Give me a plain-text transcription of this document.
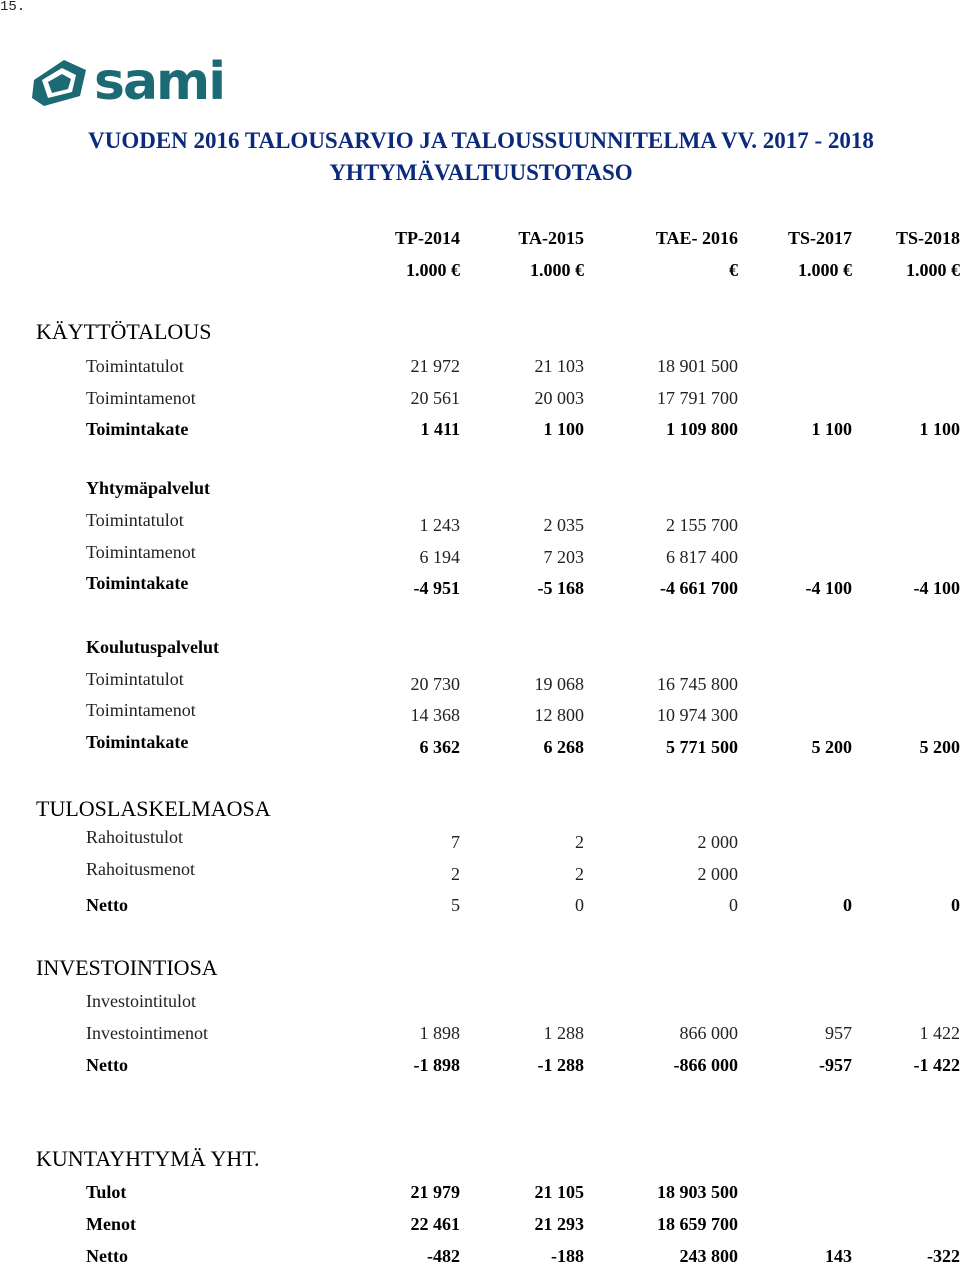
15.
sami
VUODEN 2016 TALOUSARVIO JA TALOUSSUUNNITELMA VV. 2017 - 2018
YHTYMÄVALTUUSTOTASO
TP-2014	TA-2015	TAE- 2016	TS-2017 TS-2018
1.000 €	1.000 €	€	1.000 €	1.000 €
KÄYTTÖTALOUS
Toimintatulot	21 972	21 103	18 901 500
Toimintamenot	20 561	20 003	17 791 700
Toimintakate	1 411	1 100	1 109 800	1 100	1 100
Yhtymäpalvelut
Toimintatulot	1 243	2 035	2 155 700
Toimintamenot	6 194	7 203	6 817 400
Toimintakate	-4 951	-5 168	-4 661 700	-4 100	-4 100
Koulutuspalvelut
Toimintatulot	20 730	19 068	16 745 800
Toimintamenot	14 368	12 800	10 974 300
Toimintakate	6 362	6 268	5 771 500	5 200	5 200
TULOSLASKELMAOSA
Rahoitustulot	7	2	2 000
Rahoitusmenot	2	2	2 000
Netto	5	0	0	0	0
INVESTOINTIOSA
Investointitulot
Investointimenot	1 898	1 288	866 000	957	1 422
Netto	-1 898	-1 288	-866 000	-957	-1 422
KUNTAYHTYMÄ YHT.
Tulot	21 979	21 105	18 903 500
Menot	22 461	21 293	18 659 700
Netto	-482	-188	243 800	143	-322
